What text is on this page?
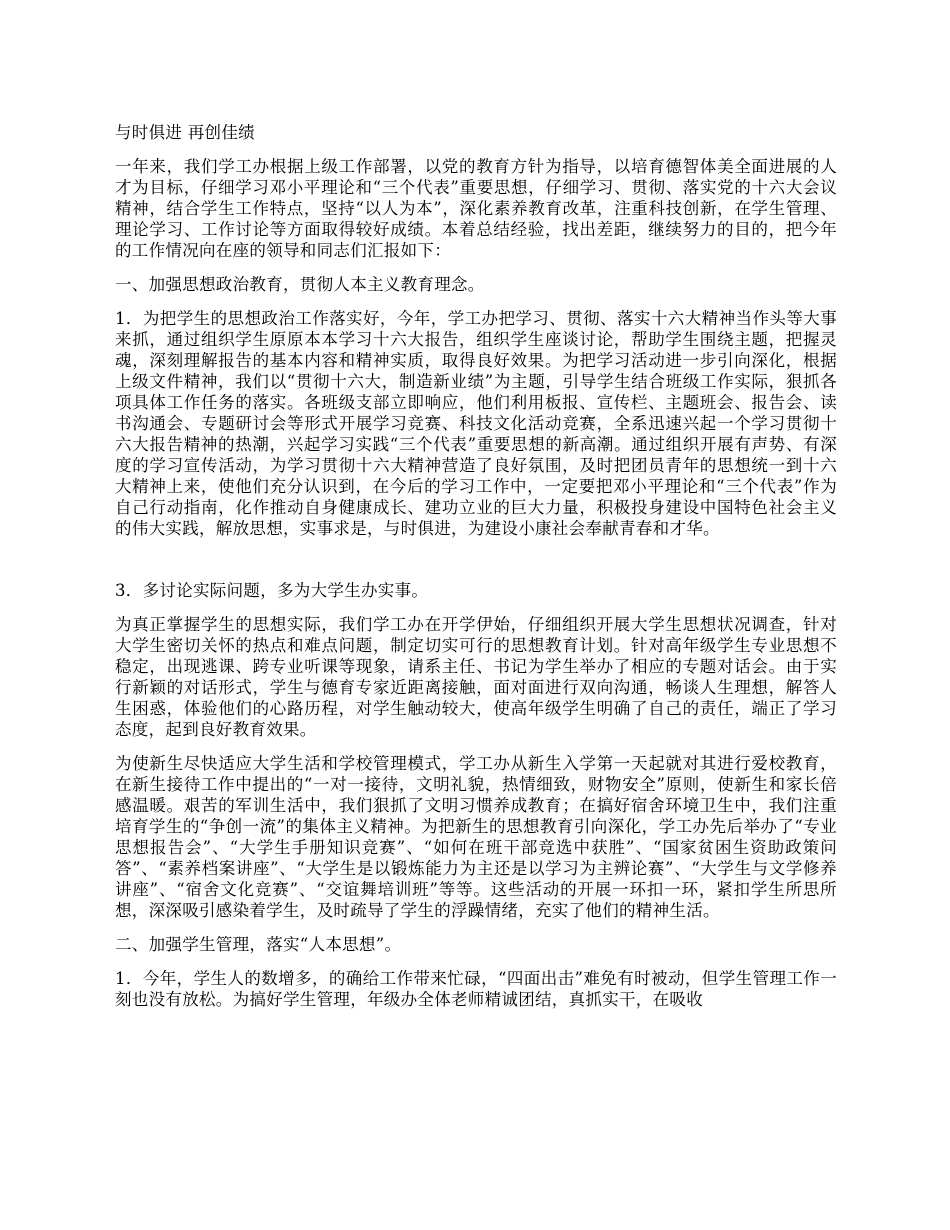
与时俱进 再创佳绩

一年来，我们学工办根据上级工作部署，以党的教育方针为指导，以培育德智体美全面进展的人才为目标，仔细学习邓小平理论和“三个代表”重要思想，仔细学习、贯彻、落实党的十六大会议精神，结合学生工作特点，坚持“以人为本”，深化素养教育改革，注重科技创新，在学生管理、理论学习、工作讨论等方面取得较好成绩。本着总结经验，找出差距，继续努力的目的，把今年的工作情况向在座的领导和同志们汇报如下：

一、加强思想政治教育，贯彻人本主义教育理念。

1．为把学生的思想政治工作落实好，今年，学工办把学习、贯彻、落实十六大精神当作头等大事来抓，通过组织学生原原本本学习十六大报告，组织学生座谈讨论，帮助学生围绕主题，把握灵魂，深刻理解报告的基本内容和精神实质，取得良好效果。为把学习活动进一步引向深化，根据上级文件精神，我们以“贯彻十六大，制造新业绩”为主题，引导学生结合班级工作实际，狠抓各项具体工作任务的落实。各班级支部立即响应，他们利用板报、宣传栏、主题班会、报告会、读书沟通会、专题研讨会等形式开展学习竞赛、科技文化活动竞赛，全系迅速兴起一个学习贯彻十六大报告精神的热潮，兴起学习实践“三个代表”重要思想的新高潮。通过组织开展有声势、有深度的学习宣传活动，为学习贯彻十六大精神营造了良好氛围，及时把团员青年的思想统一到十六大精神上来，使他们充分认识到，在今后的学习工作中，一定要把邓小平理论和“三个代表”作为自己行动指南，化作推动自身健康成长、建功立业的巨大力量，积极投身建设中国特色社会主义的伟大实践，解放思想，实事求是，与时俱进，为建设小康社会奉献青春和才华。

3．多讨论实际问题，多为大学生办实事。

为真正掌握学生的思想实际，我们学工办在开学伊始，仔细组织开展大学生思想状况调查，针对大学生密切关怀的热点和难点问题，制定切实可行的思想教育计划。针对高年级学生专业思想不稳定，出现逃课、跨专业听课等现象，请系主任、书记为学生举办了相应的专题对话会。由于实行新颖的对话形式，学生与德育专家近距离接触，面对面进行双向沟通，畅谈人生理想，解答人生困惑，体验他们的心路历程，对学生触动较大，使高年级学生明确了自己的责任，端正了学习态度，起到良好教育效果。

为使新生尽快适应大学生活和学校管理模式，学工办从新生入学第一天起就对其进行爱校教育，在新生接待工作中提出的“一对一接待，文明礼貌，热情细致，财物安全”原则，使新生和家长倍感温暖。艰苦的军训生活中，我们狠抓了文明习惯养成教育；在搞好宿舍环境卫生中，我们注重培育学生的“争创一流”的集体主义精神。为把新生的思想教育引向深化，学工办先后举办了“专业思想报告会”、“大学生手册知识竞赛”、“如何在班干部竞选中获胜”、“国家贫困生资助政策问答”、“素养档案讲座”、“大学生是以锻炼能力为主还是以学习为主辨论赛”、“大学生与文学修养讲座”、“宿舍文化竞赛”、“交谊舞培训班”等等。这些活动的开展一环扣一环，紧扣学生所思所想，深深吸引感染着学生，及时疏导了学生的浮躁情绪，充实了他们的精神生活。

二、加强学生管理，落实“人本思想”。

1．今年，学生人的数增多，的确给工作带来忙碌，“四面出击”难免有时被动，但学生管理工作一刻也没有放松。为搞好学生管理，年级办全体老师精诚团结，真抓实干，在吸收
